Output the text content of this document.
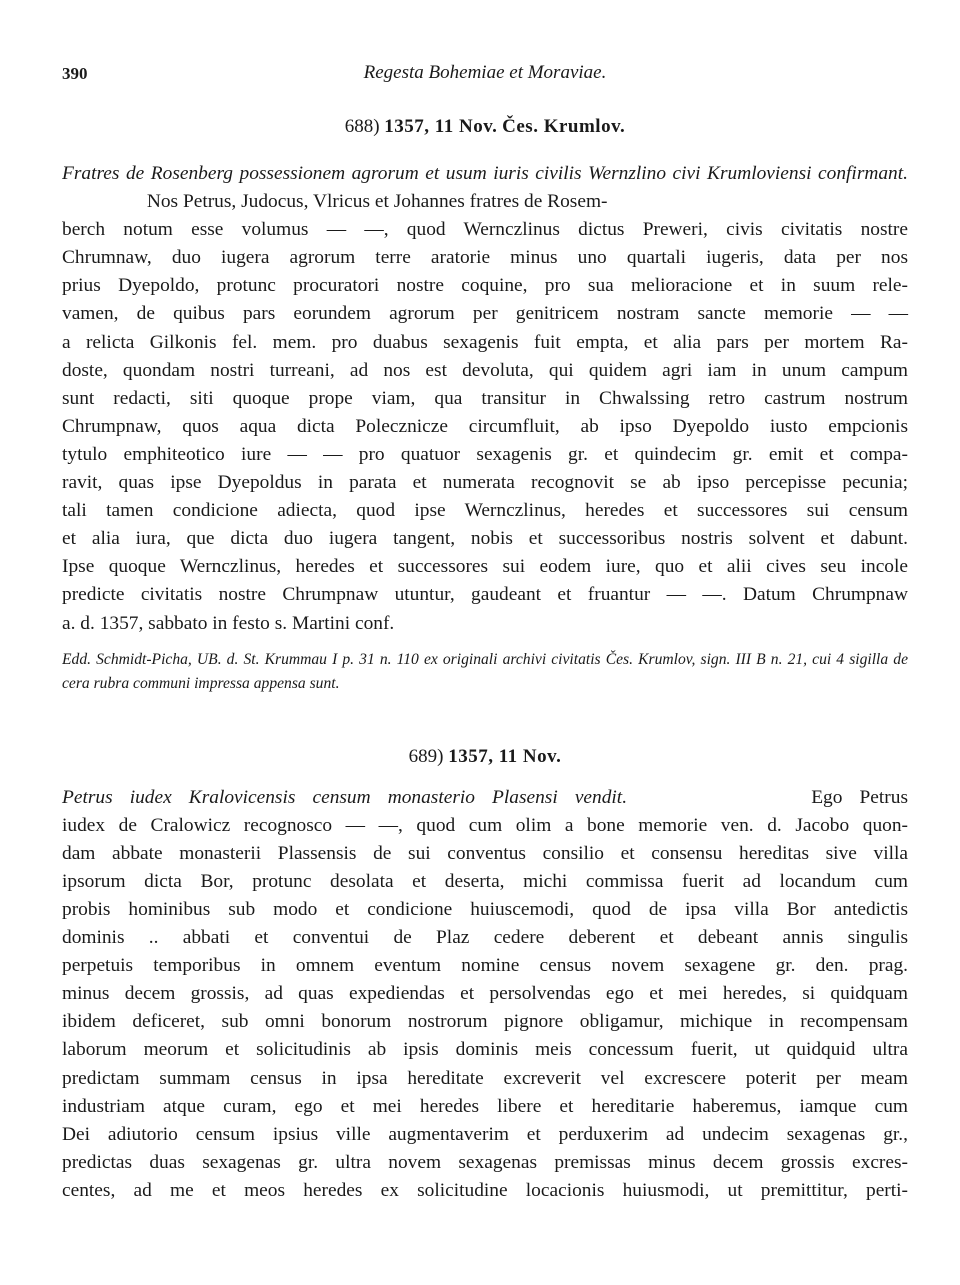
390	Regesta Bohemiae et Moraviae.
688) 1357, 11 Nov. Čes. Krumlov.
Fratres de Rosenberg possessionem agrorum et usum iuris civilis Wernzlino civi Krumloviensi confirmant.  Nos Petrus, Judocus, Vlricus et Johannes fratres de Rosem-
berch notum esse volumus — —, quod Wernczlinus dictus Preweri, civis civitatis nostre
Chrumnaw, duo iugera agrorum terre aratorie minus uno quartali iugeris, data per nos
prius Dyepoldo, protunc procuratori nostre coquine, pro sua melioracione et in suum rele-
vamen, de quibus pars eorundem agrorum per genitricem nostram sancte memorie — —
a relicta Gilkonis fel. mem. pro duabus sexagenis fuit empta, et alia pars per mortem Ra-
doste, quondam nostri turreani, ad nos est devoluta, qui quidem agri iam in unum campum
sunt redacti, siti quoque prope viam, qua transitur in Chwalssing retro castrum nostrum
Chrumpnaw, quos aqua dicta Polecznicze circumfluit, ab ipso Dyepoldo iusto empcionis
tytulo emphiteotico iure — — pro quatuor sexagenis gr. et quindecim gr. emit et compa-
ravit, quas ipse Dyepoldus in parata et numerata recognovit se ab ipso percepisse pecunia;
tali tamen condicione adiecta, quod ipse Wernczlinus, heredes et successores sui censum
et alia iura, que dicta duo iugera tangent, nobis et successoribus nostris solvent et dabunt.
Ipse quoque Wernczlinus, heredes et successores sui eodem iure, quo et alii cives seu incole
predicte civitatis nostre Chrumpnaw utuntur, gaudeant et fruantur — —. Datum Chrumpnaw
a. d. 1357, sabbato in festo s. Martini conf.
Edd. Schmidt-Picha, UB. d. St. Krummau I p. 31 n. 110 ex originali archivi civitatis Čes. Krumlov, sign. III B n. 21, cui 4 sigilla de cera rubra communi impressa appensa sunt.
689) 1357, 11 Nov.
Petrus iudex Kralovicensis censum monasterio Plasensi vendit.	Ego Petrus
iudex de Cralowicz recognosco — —, quod cum olim a bone memorie ven. d. Jacobo quon-
dam abbate monasterii Plassensis de sui conventus consilio et consensu hereditas sive villa
ipsorum dicta Bor, protunc desolata et deserta, michi commissa fuerit ad locandum cum
probis hominibus sub modo et condicione huiuscemodi, quod de ipsa villa Bor antedictis
dominis .. abbati et conventui de Plaz cedere deberent et debeant annis singulis
perpetuis temporibus in omnem eventum nomine census novem sexagene gr. den. prag.
minus decem grossis, ad quas expediendas et persolvendas ego et mei heredes, si quidquam
ibidem deficeret, sub omni bonorum nostrorum pignore obligamur, michique in recompensam
laborum meorum et solicitudinis ab ipsis dominis meis concessum fuerit, ut quidquid ultra
predictam summam census in ipsa hereditate excreverit vel excrescere poterit per meam
industriam atque curam, ego et mei heredes libere et hereditarie haberemus, iamque cum
Dei adiutorio censum ipsius ville augmentaverim et perduxerim ad undecim sexagenas gr.,
predictas duas sexagenas gr. ultra novem sexagenas premissas minus decem grossis excres-
centes, ad me et meos heredes ex solicitudine locacionis huiusmodi, ut premittitur, perti-
